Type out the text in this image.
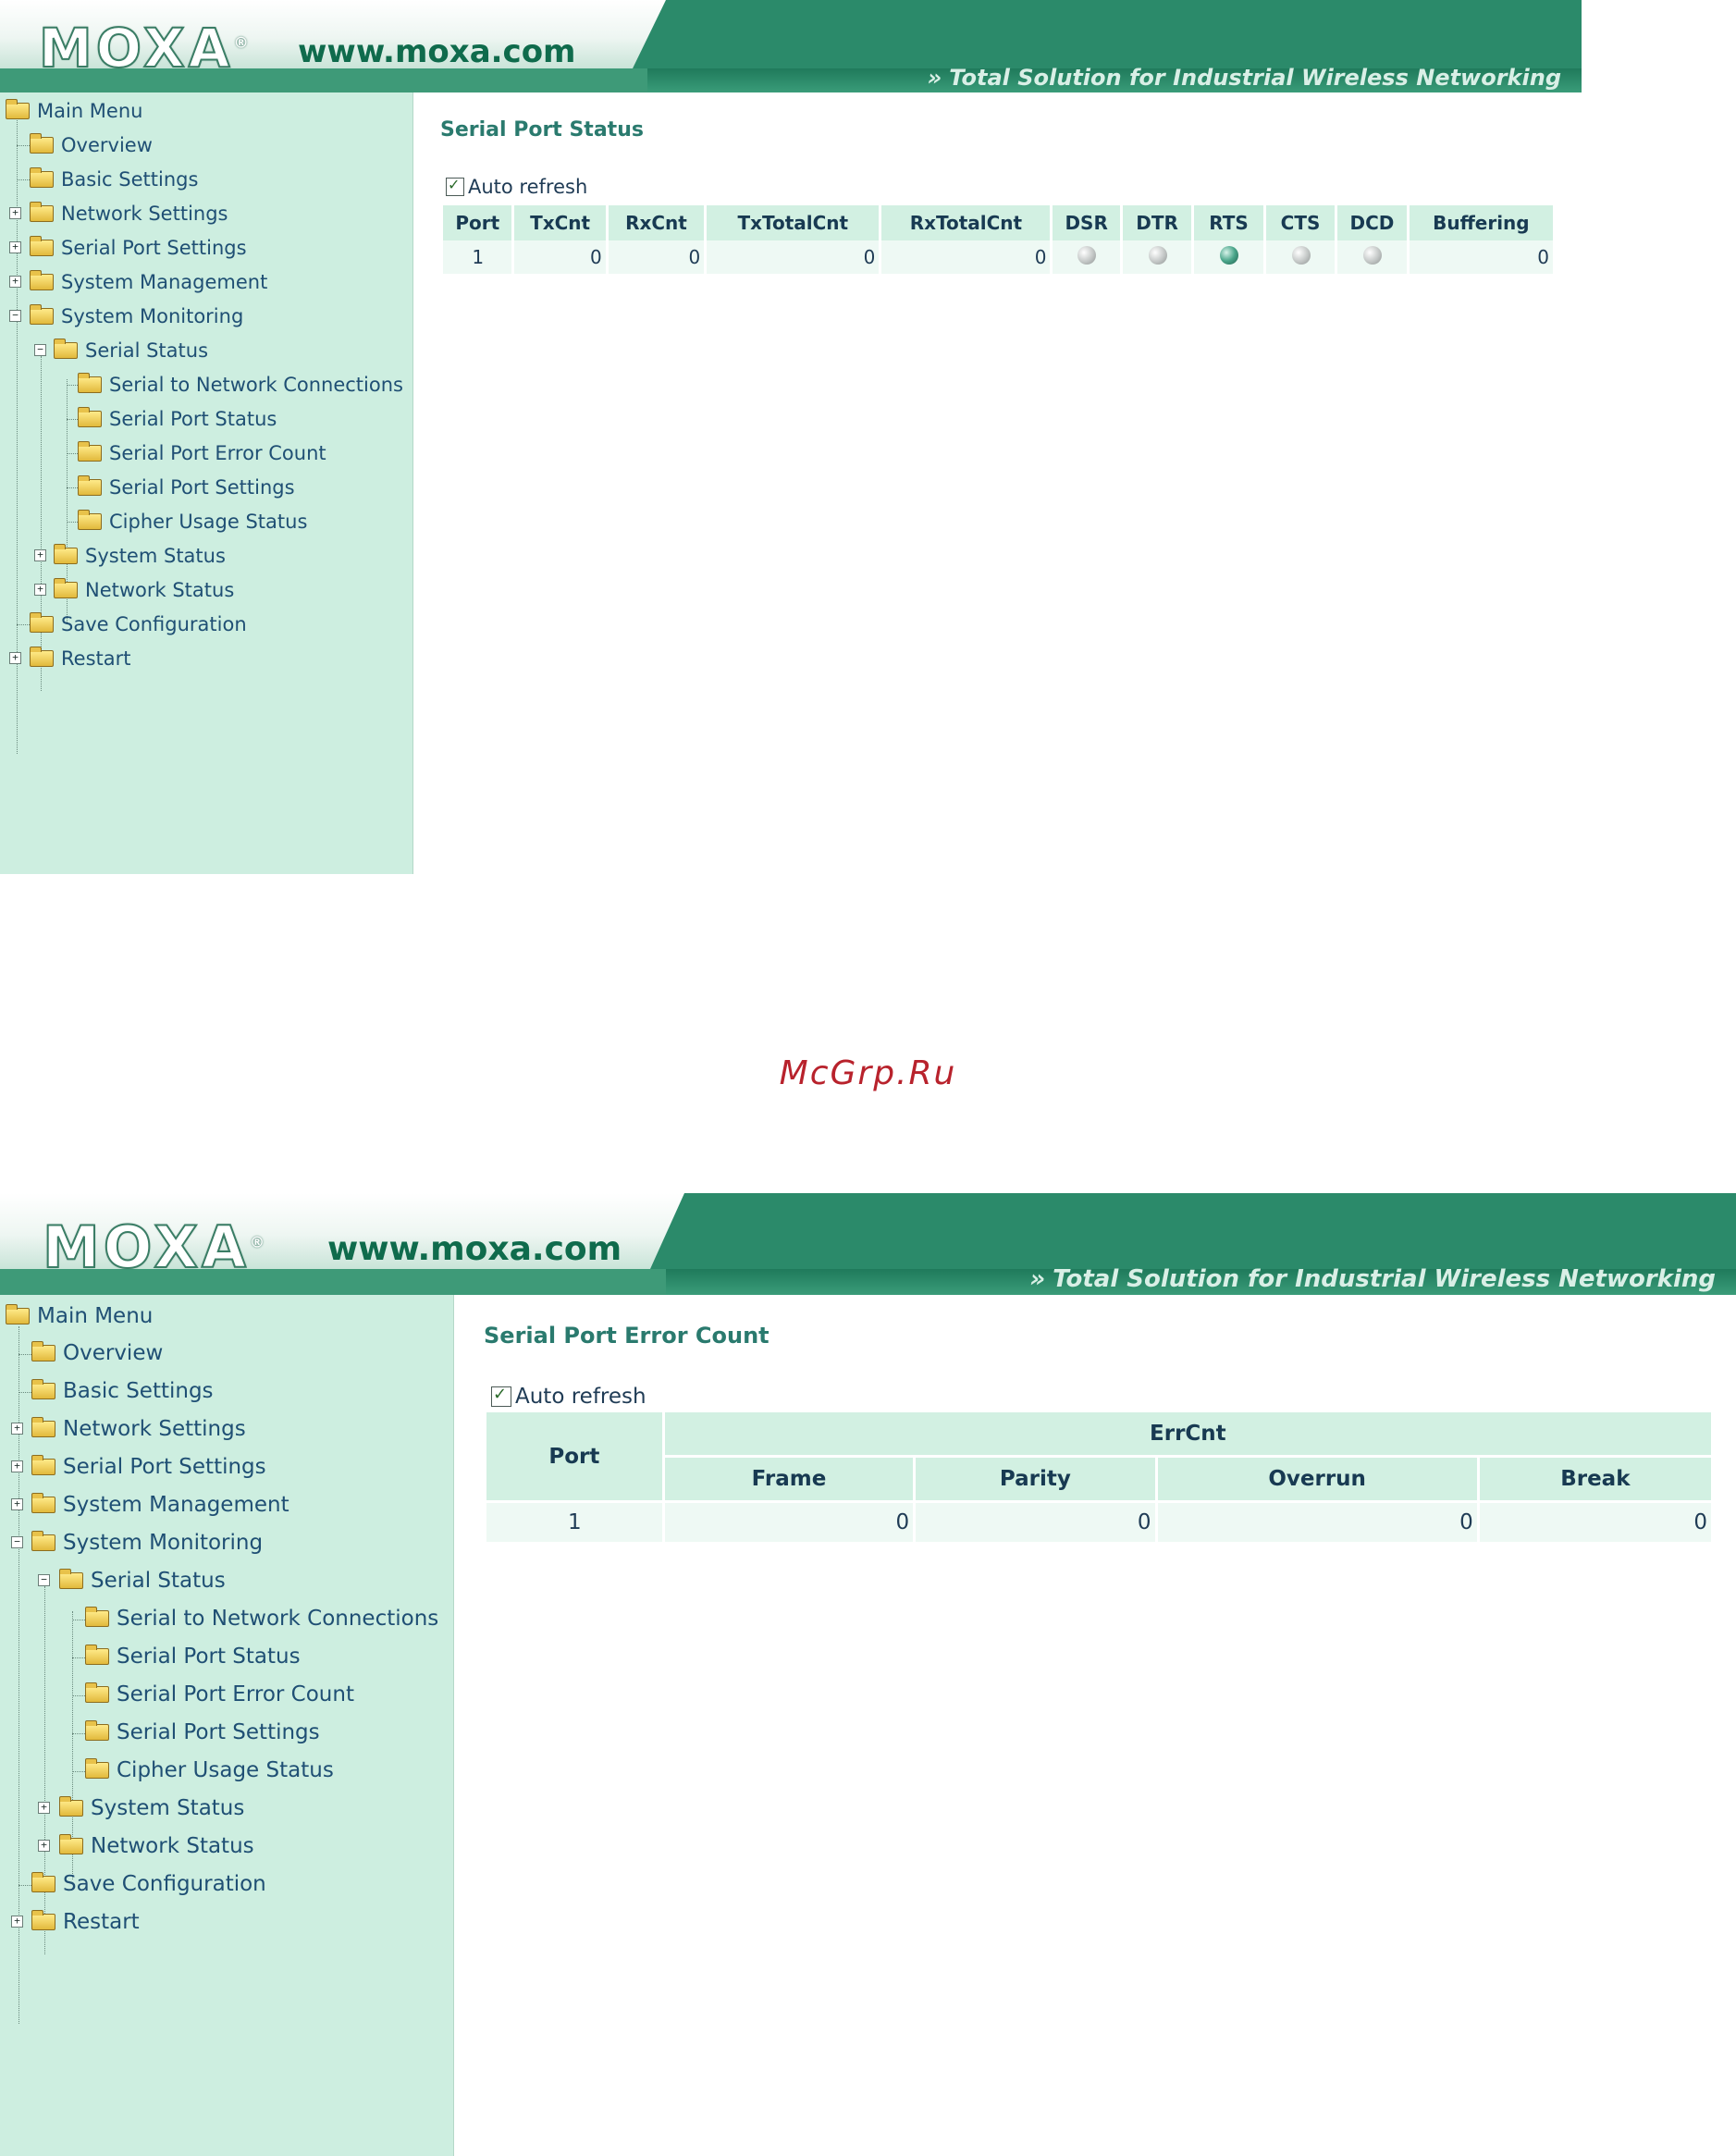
MOXA® www.moxa.com
» Total Solution for Industrial Wireless Networking
Main Menu
Overview
Basic Settings
+ Network Settings
+ Serial Port Settings
+ System Management
− System Monitoring
− Serial Status
Serial to Network Connections
Serial Port Status
Serial Port Error Count
Serial Port Settings
Cipher Usage Status
+ System Status
+ Network Status
Save Configuration
+ Restart
Serial Port Status
✓
Auto refresh
Port	TxCnt	RxCnt	TxTotalCnt	RxTotalCnt	DSR	DTR	RTS	CTS	DCD	Buffering
1	0	0	0	0						0
McGrp.Ru
MOXA® www.moxa.com
» Total Solution for Industrial Wireless Networking
Main Menu
Overview
Basic Settings
+ Network Settings
+ Serial Port Settings
+ System Management
− System Monitoring
− Serial Status
Serial to Network Connections
Serial Port Status
Serial Port Error Count
Serial Port Settings
Cipher Usage Status
+ System Status
+ Network Status
Save Configuration
+ Restart
Serial Port Error Count
✓
Auto refresh
Port	ErrCnt			
	Frame	Parity	Overrun	Break
1	0	0	0	0
